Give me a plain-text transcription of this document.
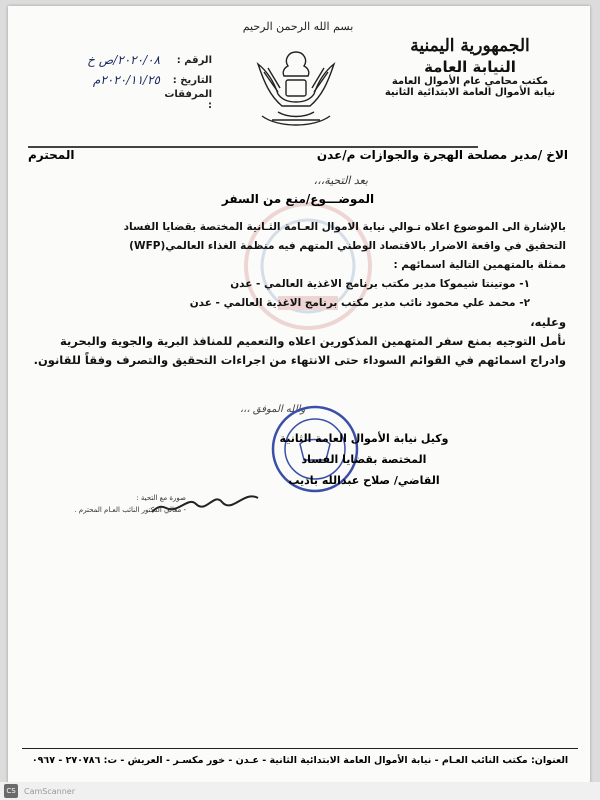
بسم الله الرحمن الرحيم
الجمهورية اليمنية
النيابة العامة
مكتب محامي عام الأموال العامة
نيابة الأموال العامة الابتدائية الثانية
الرقم :
٢٠٢٠/٠٨/ص خ
التاريخ :
٢٠٢٠/١١/٢٥م
المرفقات :
الاخ /مدير مصلحة الهجرة والجوازات م/عدن
المحترم
بعد التحية،،،
الموضـــوع/منع من السفر

بالإشارة الى الموضوع اعلاه تـوالي نيابة الاموال العـامة الثـانية المختصة بقضايا الفساد

التحقيق في واقعة الاضرار بالاقتصاد الوطني المتهم فيه منظمة الغذاء العالمي(WFP)

ممثلة بالمتهمين التالية اسمائهم :

١- موتينتا شيموكا مدير مكتب برنامج الاغذية العالمي - عدن

٢- محمد علي محمود نائب مدير مكتب برنامج الاغذية العالمي - عدن

وعليه،

نأمل التوجيه بمنع سفر المتهمين المذكورين اعلاه والتعميم للمنافذ البرية والجوية والبحرية

وادراج اسمائهم في القوائم السوداء حتى الانتهاء من اجراءات التحقيق والتصرف وفقاً للقانون.

والله الموفق ،،،
وكيل نيابة الأموال العامة الثانية
المختصة بقضايا الفساد
القاضي/ صلاح عبدالله باذيب
صورة مع التحية :
- معالي الدكتور النائب العـام المحترم .
العنوان: مكتب النائب العـام - نيابة الأموال العامة الابتدائية الثانية - عـدن - خور مكسـر - العريش - ت: ٢٧٠٧٨٦ - ٠٩٦٧
CS CamScanner
